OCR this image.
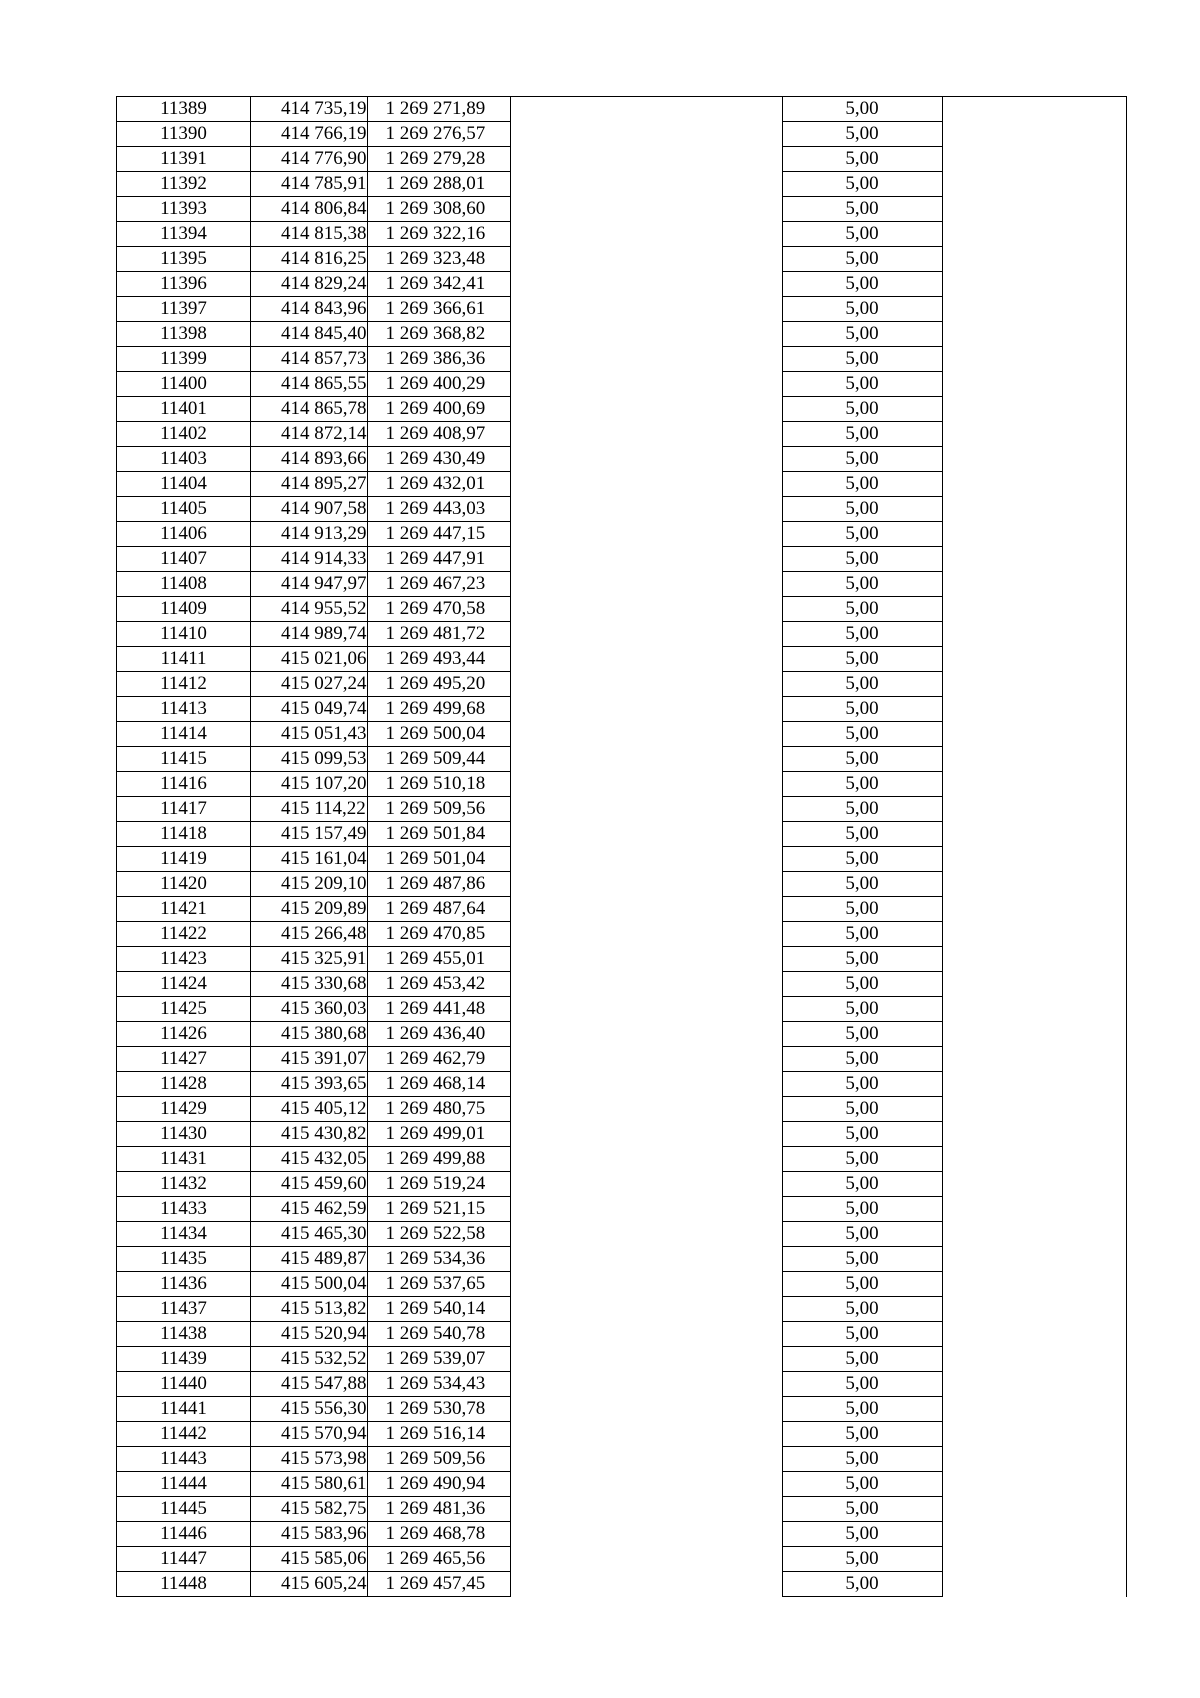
11389	414 735,19	1 269 271,89		5,00	
11390	414 766,19	1 269 276,57		5,00	
11391	414 776,90	1 269 279,28		5,00	
11392	414 785,91	1 269 288,01		5,00	
11393	414 806,84	1 269 308,60		5,00	
11394	414 815,38	1 269 322,16		5,00	
11395	414 816,25	1 269 323,48		5,00	
11396	414 829,24	1 269 342,41		5,00	
11397	414 843,96	1 269 366,61		5,00	
11398	414 845,40	1 269 368,82		5,00	
11399	414 857,73	1 269 386,36		5,00	
11400	414 865,55	1 269 400,29		5,00	
11401	414 865,78	1 269 400,69		5,00	
11402	414 872,14	1 269 408,97		5,00	
11403	414 893,66	1 269 430,49		5,00	
11404	414 895,27	1 269 432,01		5,00	
11405	414 907,58	1 269 443,03		5,00	
11406	414 913,29	1 269 447,15		5,00	
11407	414 914,33	1 269 447,91		5,00	
11408	414 947,97	1 269 467,23		5,00	
11409	414 955,52	1 269 470,58		5,00	
11410	414 989,74	1 269 481,72		5,00	
11411	415 021,06	1 269 493,44		5,00	
11412	415 027,24	1 269 495,20		5,00	
11413	415 049,74	1 269 499,68		5,00	
11414	415 051,43	1 269 500,04		5,00	
11415	415 099,53	1 269 509,44		5,00	
11416	415 107,20	1 269 510,18		5,00	
11417	415 114,22	1 269 509,56		5,00	
11418	415 157,49	1 269 501,84		5,00	
11419	415 161,04	1 269 501,04		5,00	
11420	415 209,10	1 269 487,86		5,00	
11421	415 209,89	1 269 487,64		5,00	
11422	415 266,48	1 269 470,85		5,00	
11423	415 325,91	1 269 455,01		5,00	
11424	415 330,68	1 269 453,42		5,00	
11425	415 360,03	1 269 441,48		5,00	
11426	415 380,68	1 269 436,40		5,00	
11427	415 391,07	1 269 462,79		5,00	
11428	415 393,65	1 269 468,14		5,00	
11429	415 405,12	1 269 480,75		5,00	
11430	415 430,82	1 269 499,01		5,00	
11431	415 432,05	1 269 499,88		5,00	
11432	415 459,60	1 269 519,24		5,00	
11433	415 462,59	1 269 521,15		5,00	
11434	415 465,30	1 269 522,58		5,00	
11435	415 489,87	1 269 534,36		5,00	
11436	415 500,04	1 269 537,65		5,00	
11437	415 513,82	1 269 540,14		5,00	
11438	415 520,94	1 269 540,78		5,00	
11439	415 532,52	1 269 539,07		5,00	
11440	415 547,88	1 269 534,43		5,00	
11441	415 556,30	1 269 530,78		5,00	
11442	415 570,94	1 269 516,14		5,00	
11443	415 573,98	1 269 509,56		5,00	
11444	415 580,61	1 269 490,94		5,00	
11445	415 582,75	1 269 481,36		5,00	
11446	415 583,96	1 269 468,78		5,00	
11447	415 585,06	1 269 465,56		5,00	
11448	415 605,24	1 269 457,45		5,00	
